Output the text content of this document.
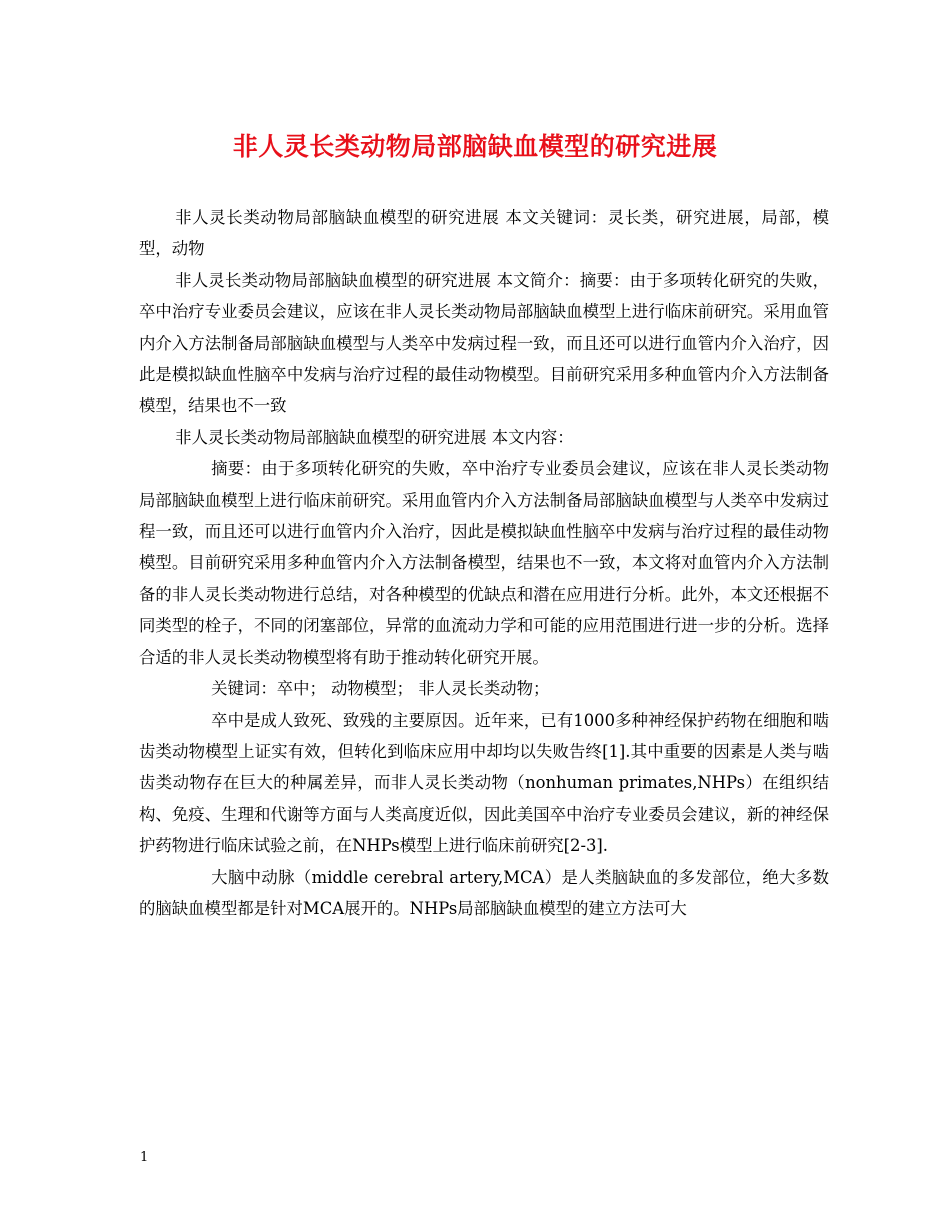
非人灵长类动物局部脑缺血模型的研究进展

非人灵长类动物局部脑缺血模型的研究进展 本文关键词：灵长类，研究进展，局部，模型，动物

非人灵长类动物局部脑缺血模型的研究进展 本文简介：摘要：由于多项转化研究的失败，卒中治疗专业委员会建议，应该在非人灵长类动物局部脑缺血模型上进行临床前研究。采用血管内介入方法制备局部脑缺血模型与人类卒中发病过程一致，而且还可以进行血管内介入治疗，因此是模拟缺血性脑卒中发病与治疗过程的最佳动物模型。目前研究采用多种血管内介入方法制备模型，结果也不一致

非人灵长类动物局部脑缺血模型的研究进展 本文内容：

摘要：由于多项转化研究的失败，卒中治疗专业委员会建议，应该在非人灵长类动物局部脑缺血模型上进行临床前研究。采用血管内介入方法制备局部脑缺血模型与人类卒中发病过程一致，而且还可以进行血管内介入治疗，因此是模拟缺血性脑卒中发病与治疗过程的最佳动物模型。目前研究采用多种血管内介入方法制备模型，结果也不一致，本文将对血管内介入方法制备的非人灵长类动物进行总结，对各种模型的优缺点和潜在应用进行分析。此外，本文还根据不同类型的栓子，不同的闭塞部位，异常的血流动力学和可能的应用范围进行进一步的分析。选择合适的非人灵长类动物模型将有助于推动转化研究开展。

关键词：卒中； 动物模型； 非人灵长类动物；

卒中是成人致死、致残的主要原因。近年来，已有1000多种神经保护药物在细胞和啮齿类动物模型上证实有效，但转化到临床应用中却均以失败告终[1].其中重要的因素是人类与啮齿类动物存在巨大的种属差异，而非人灵长类动物（nonhuman primates,NHPs）在组织结构、免疫、生理和代谢等方面与人类高度近似，因此美国卒中治疗专业委员会建议，新的神经保护药物进行临床试验之前，在NHPs模型上进行临床前研究[2-3].

大脑中动脉（middle cerebral artery,MCA）是人类脑缺血的多发部位，绝大多数的脑缺血模型都是针对MCA展开的。NHPs局部脑缺血模型的建立方法可大

1
